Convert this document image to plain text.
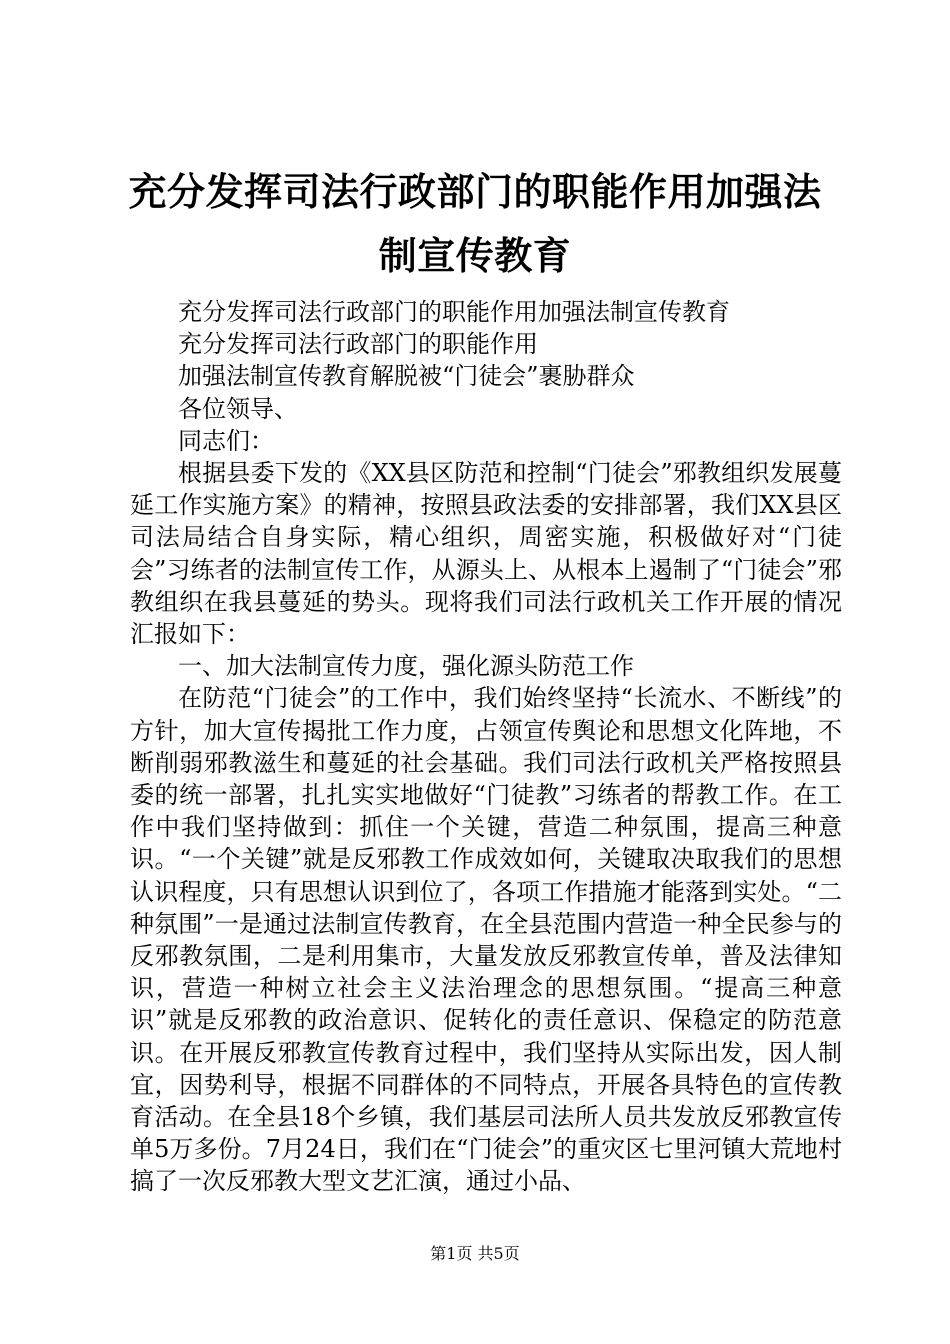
充分发挥司法行政部门的职能作用加强法制宣传教育

充分发挥司法行政部门的职能作用加强法制宣传教育

充分发挥司法行政部门的职能作用

加强法制宣传教育解脱被“门徒会”裹胁群众

各位领导、

同志们：

根据县委下发的《XX县区防范和控制“门徒会”邪教组织发展蔓延工作实施方案》的精神，按照县政法委的安排部署，我们XX县区司法局结合自身实际，精心组织，周密实施，积极做好对“门徒会”习练者的法制宣传工作，从源头上、从根本上遏制了“门徒会”邪教组织在我县蔓延的势头。现将我们司法行政机关工作开展的情况汇报如下：

一、加大法制宣传力度，强化源头防范工作

在防范“门徒会”的工作中，我们始终坚持“长流水、不断线”的方针，加大宣传揭批工作力度，占领宣传舆论和思想文化阵地，不断削弱邪教滋生和蔓延的社会基础。我们司法行政机关严格按照县委的统一部署，扎扎实实地做好“门徒教”习练者的帮教工作。在工作中我们坚持做到：抓住一个关键，营造二种氛围，提高三种意识。“一个关键”就是反邪教工作成效如何，关键取决取我们的思想认识程度，只有思想认识到位了，各项工作措施才能落到实处。“二种氛围”一是通过法制宣传教育，在全县范围内营造一种全民参与的反邪教氛围，二是利用集市，大量发放反邪教宣传单，普及法律知识，营造一种树立社会主义法治理念的思想氛围。“提高三种意识”就是反邪教的政治意识、促转化的责任意识、保稳定的防范意识。在开展反邪教宣传教育过程中，我们坚持从实际出发，因人制宜，因势利导，根据不同群体的不同特点，开展各具特色的宣传教育活动。在全县18个乡镇，我们基层司法所人员共发放反邪教宣传单5万多份。7月24日，我们在“门徒会”的重灾区七里河镇大荒地村搞了一次反邪教大型文艺汇演，通过小品、

第1页 共5页
